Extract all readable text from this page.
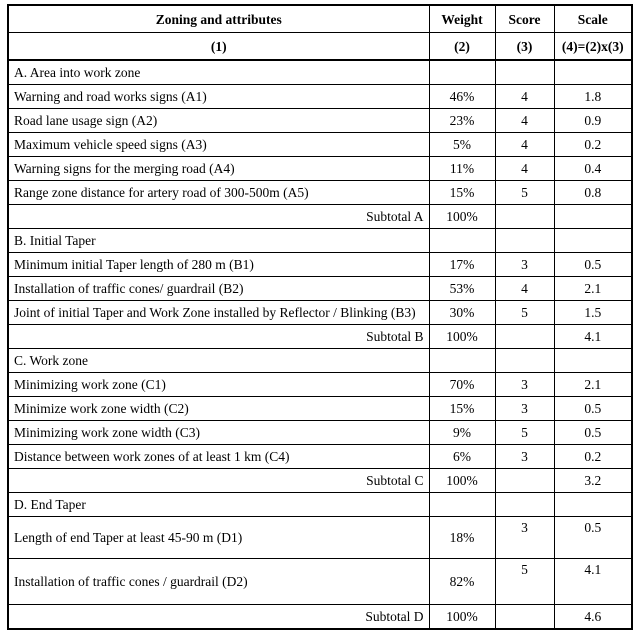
Zoning and attributes	Weight	Score	Scale
(1)	(2)	(3)	(4)=(2)x(3)
A. Area into work zone			
Warning and road works signs (A1)	46%	4	1.8
Road lane usage sign (A2)	23%	4	0.9
Maximum vehicle speed signs (A3)	5%	4	0.2
Warning signs for the merging road (A4)	11%	4	0.4
Range zone distance for artery road of 300-500m (A5)	15%	5	0.8
Subtotal A	100%		
B. Initial Taper			
Minimum initial Taper length of 280 m (B1)	17%	3	0.5
Installation of traffic cones/ guardrail (B2)	53%	4	2.1
Joint of initial Taper and Work Zone installed by Reflector / Blinking (B3)	30%	5	1.5
Subtotal B	100%		4.1
C. Work zone			
Minimizing work zone (C1)	70%	3	2.1
Minimize work zone width (C2)	15%	3	0.5
Minimizing work zone width (C3)	9%	5	0.5
Distance between work zones of at least 1 km (C4)	6%	3	0.2
Subtotal C	100%		3.2
D. End Taper			
Length of end Taper at least 45-90 m (D1)	18%	3	0.5
Installation of traffic cones / guardrail (D2)	82%	5	4.1
Subtotal D	100%		4.6
